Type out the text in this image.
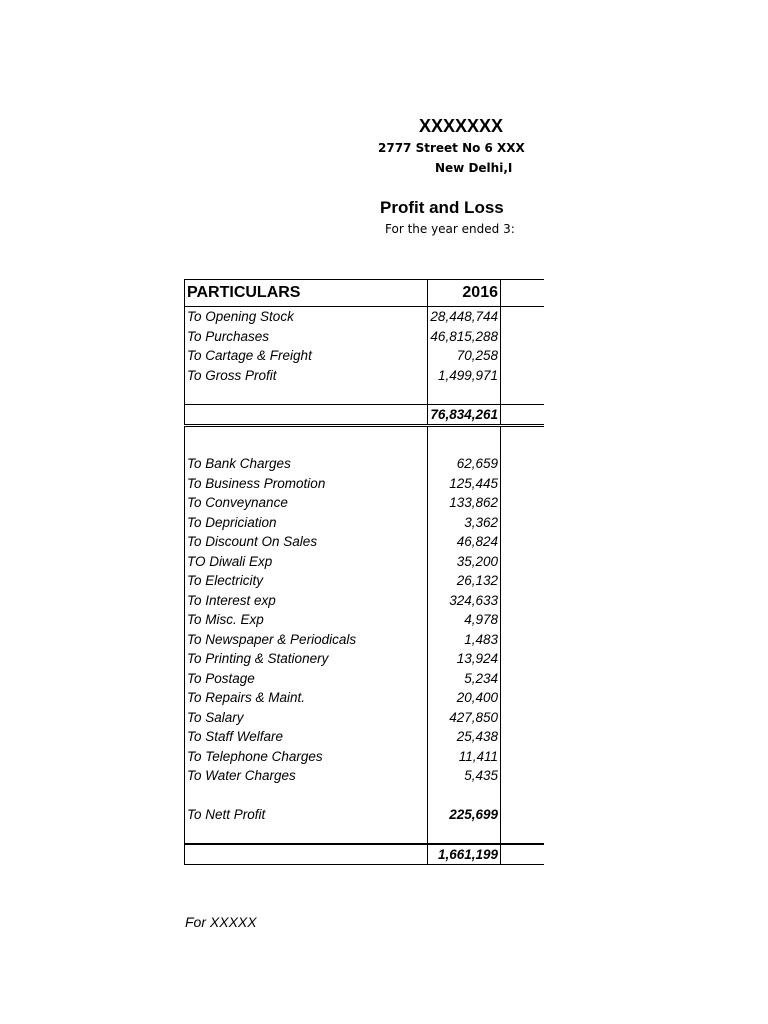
XXXXXXX
2777 Street No 6 XXX
New Delhi,I
Profit and Loss
For the year ended 3:
PARTICULARS	2016	
To Opening Stock	28,448,744	
To Purchases	46,815,288	
To Cartage & Freight	70,258	
To Gross Profit	1,499,971	

	76,834,261	

To Bank Charges	62,659	
To Business Promotion	125,445	
To Conveynance	133,862	
To Depriciation	3,362	
To Discount On Sales	46,824	
TO Diwali Exp	35,200	
To Electricity	26,132	
To Interest exp	324,633	
To Misc. Exp	4,978	
To Newspaper & Periodicals	1,483	
To Printing & Stationery	13,924	
To Postage	5,234	
To Repairs & Maint.	20,400	
To Salary	427,850	
To Staff Welfare	25,438	
To Telephone Charges	11,411	
To Water Charges	5,435	

To Nett Profit	225,699	

	1,661,199	
For XXXXX
